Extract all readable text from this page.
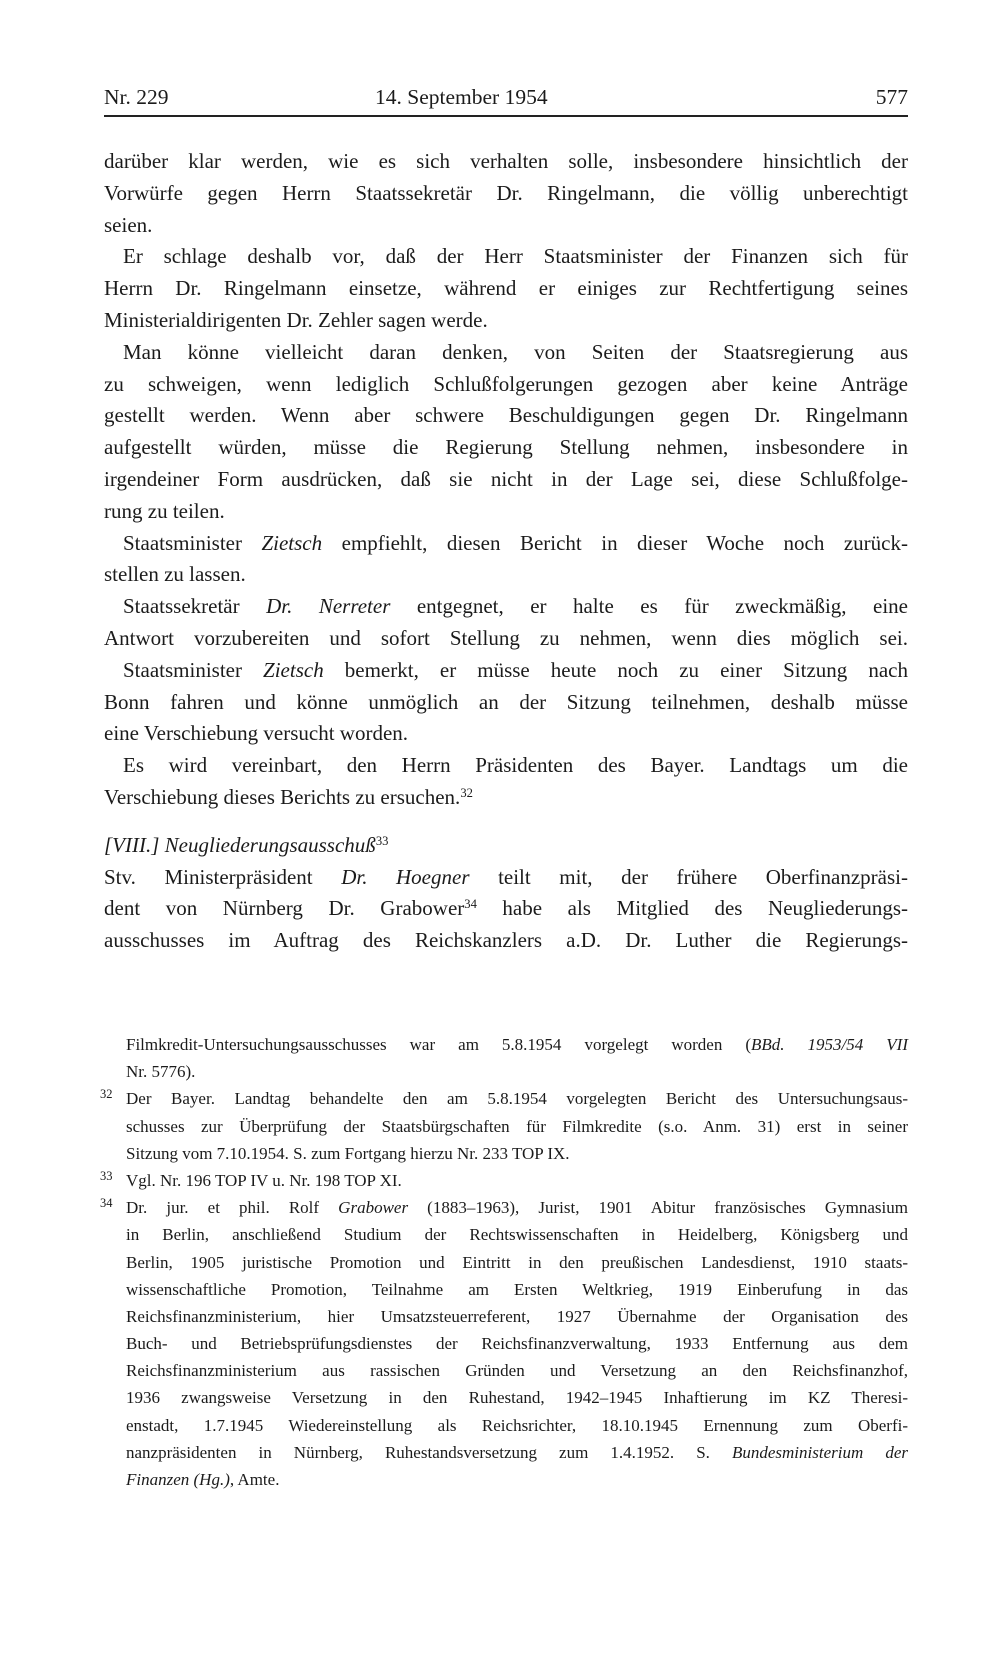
Nr. 229	14. September 1954	577
darüber klar werden, wie es sich verhalten solle, insbesondere hinsichtlich der
Vorwürfe gegen Herrn Staatssekretär Dr. Ringelmann, die völlig unberechtigt
seien.
Er schlage deshalb vor, daß der Herr Staatsminister der Finanzen sich für
Herrn Dr. Ringelmann einsetze, während er einiges zur Rechtfertigung seines
Ministerialdirigenten Dr. Zehler sagen werde.
Man könne vielleicht daran denken, von Seiten der Staatsregierung aus
zu schweigen, wenn lediglich Schlußfolgerungen gezogen aber keine Anträge
gestellt werden. Wenn aber schwere Beschuldigungen gegen Dr. Ringelmann
aufgestellt würden, müsse die Regierung Stellung nehmen, insbesondere in
irgendeiner Form ausdrücken, daß sie nicht in der Lage sei, diese Schlußfolge-
rung zu teilen.
Staatsminister Zietsch empfiehlt, diesen Bericht in dieser Woche noch zurück-
stellen zu lassen.
Staatssekretär Dr. Nerreter entgegnet, er halte es für zweckmäßig, eine
Antwort vorzubereiten und sofort Stellung zu nehmen, wenn dies möglich sei.
Staatsminister Zietsch bemerkt, er müsse heute noch zu einer Sitzung nach
Bonn fahren und könne unmöglich an der Sitzung teilnehmen, deshalb müsse
eine Verschiebung versucht worden.
Es wird vereinbart, den Herrn Präsidenten des Bayer. Landtags um die
Verschiebung dieses Berichts zu ersuchen.$^{32}$
[VIII.] Neugliederungsausschuß$^{33}$
Stv. Ministerpräsident Dr. Hoegner teilt mit, der frühere Oberfinanzpräsi-
dent von Nürnberg Dr. Grabower$^{34}$ habe als Mitglied des Neugliederungs-
ausschusses im Auftrag des Reichskanzlers a.D. Dr. Luther die Regierungs-
Filmkredit-Untersuchungsausschusses war am 5.8.1954 vorgelegt worden (BBd. 1953/54 VII
Nr. 5776).
32 Der Bayer. Landtag behandelte den am 5.8.1954 vorgelegten Bericht des Untersuchungsaus-
schusses zur Überprüfung der Staatsbürgschaften für Filmkredite (s.o. Anm. 31) erst in seiner
Sitzung vom 7.10.1954. S. zum Fortgang hierzu Nr. 233 TOP IX.
33 Vgl. Nr. 196 TOP IV u. Nr. 198 TOP XI.
34 Dr. jur. et phil. Rolf Grabower (1883–1963), Jurist, 1901 Abitur französisches Gymnasium
in Berlin, anschließend Studium der Rechtswissenschaften in Heidelberg, Königsberg und
Berlin, 1905 juristische Promotion und Eintritt in den preußischen Landesdienst, 1910 staats-
wissenschaftliche Promotion, Teilnahme am Ersten Weltkrieg, 1919 Einberufung in das
Reichsfinanzministerium, hier Umsatzsteuerreferent, 1927 Übernahme der Organisation des
Buch- und Betriebsprüfungsdienstes der Reichsfinanzverwaltung, 1933 Entfernung aus dem
Reichsfinanzministerium aus rassischen Gründen und Versetzung an den Reichsfinanzhof,
1936 zwangsweise Versetzung in den Ruhestand, 1942–1945 Inhaftierung im KZ Theresi-
enstadt, 1.7.1945 Wiedereinstellung als Reichsrichter, 18.10.1945 Ernennung zum Oberfi-
nanzpräsidenten in Nürnberg, Ruhestandsversetzung zum 1.4.1952. S. Bundesministerium der
Finanzen (Hg.), Amte.
